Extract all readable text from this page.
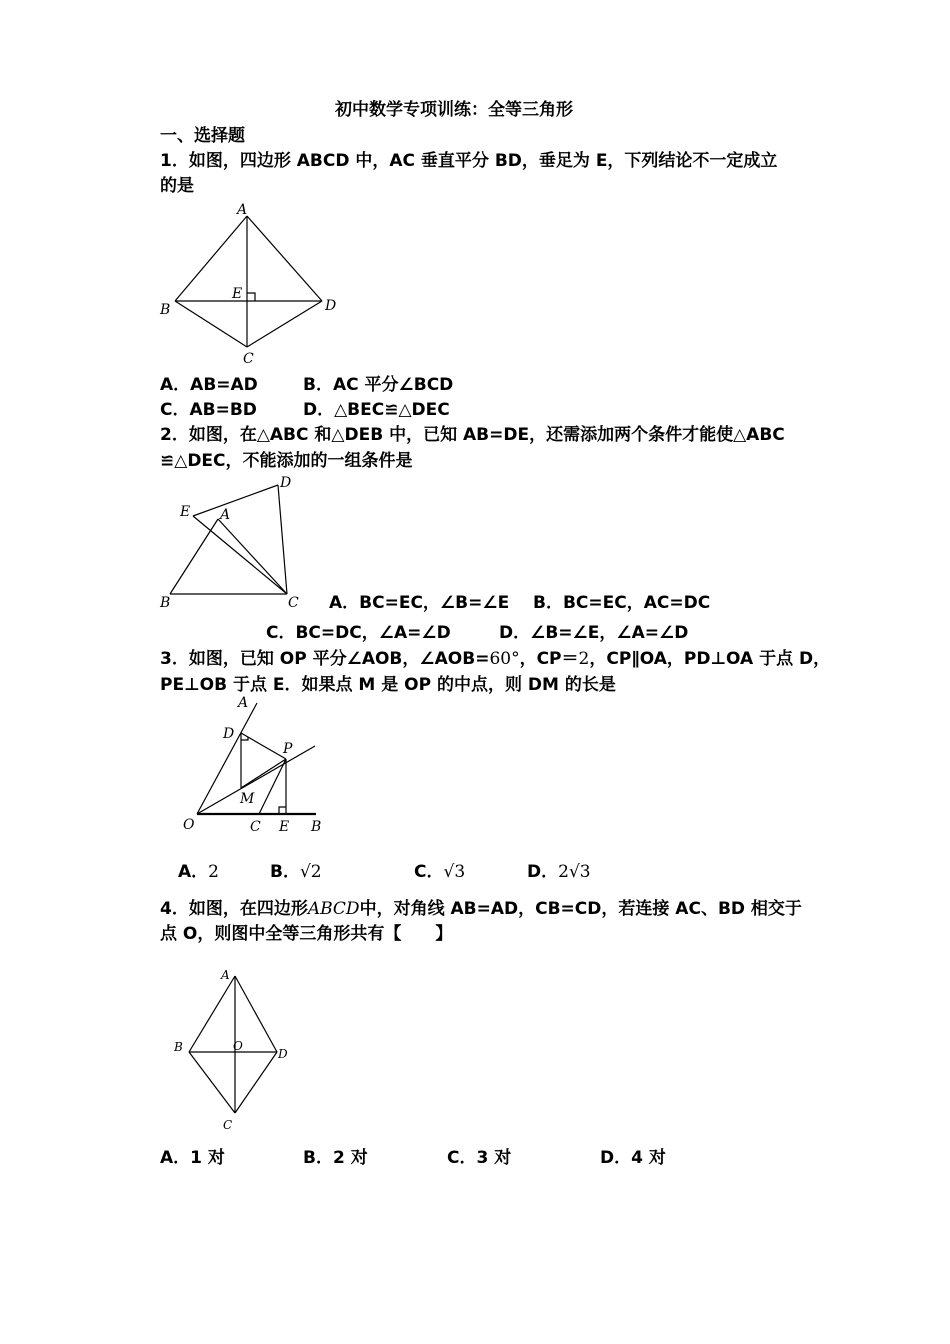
初中数学专项训练：全等三角形
一、选择题
1．如图，四边形 ABCD 中，AC 垂直平分 BD，垂足为 E，下列结论不一定成立
的是
A
B
C
D
E
A．AB=AD	B．AC 平分∠BCD
C．AB=BD	D．△BEC≌△DEC
2．如图，在△ABC 和△DEB 中，已知 AB=DE，还需添加两个条件才能使△ABC
≌△DEC，不能添加的一组条件是
A
B	C
D
E
A．BC=EC，∠B=∠E B．BC=EC，AC=DC
C．BC=DC，∠A=∠D	D．∠B=∠E，∠A=∠D
3．如图，已知 OP 平分∠AOB，∠AOB=60°，CP＝2，CP∥OA，PD⊥OA 于点 D，
PE⊥OB 于点 E．如果点 M 是 OP 的中点，则 DM 的长是
A
D
P
M
O	C E B
A．2	B．√2	C．√3	D．2√3
4．如图，在四边形ABCD中，对角线 AB=AD，CB=CD，若连接 AC、BD 相交于
点 O，则图中全等三角形共有【　　】
A
B	O
D
C
A．1 对	B．2 对	C．3 对	D．4 对
